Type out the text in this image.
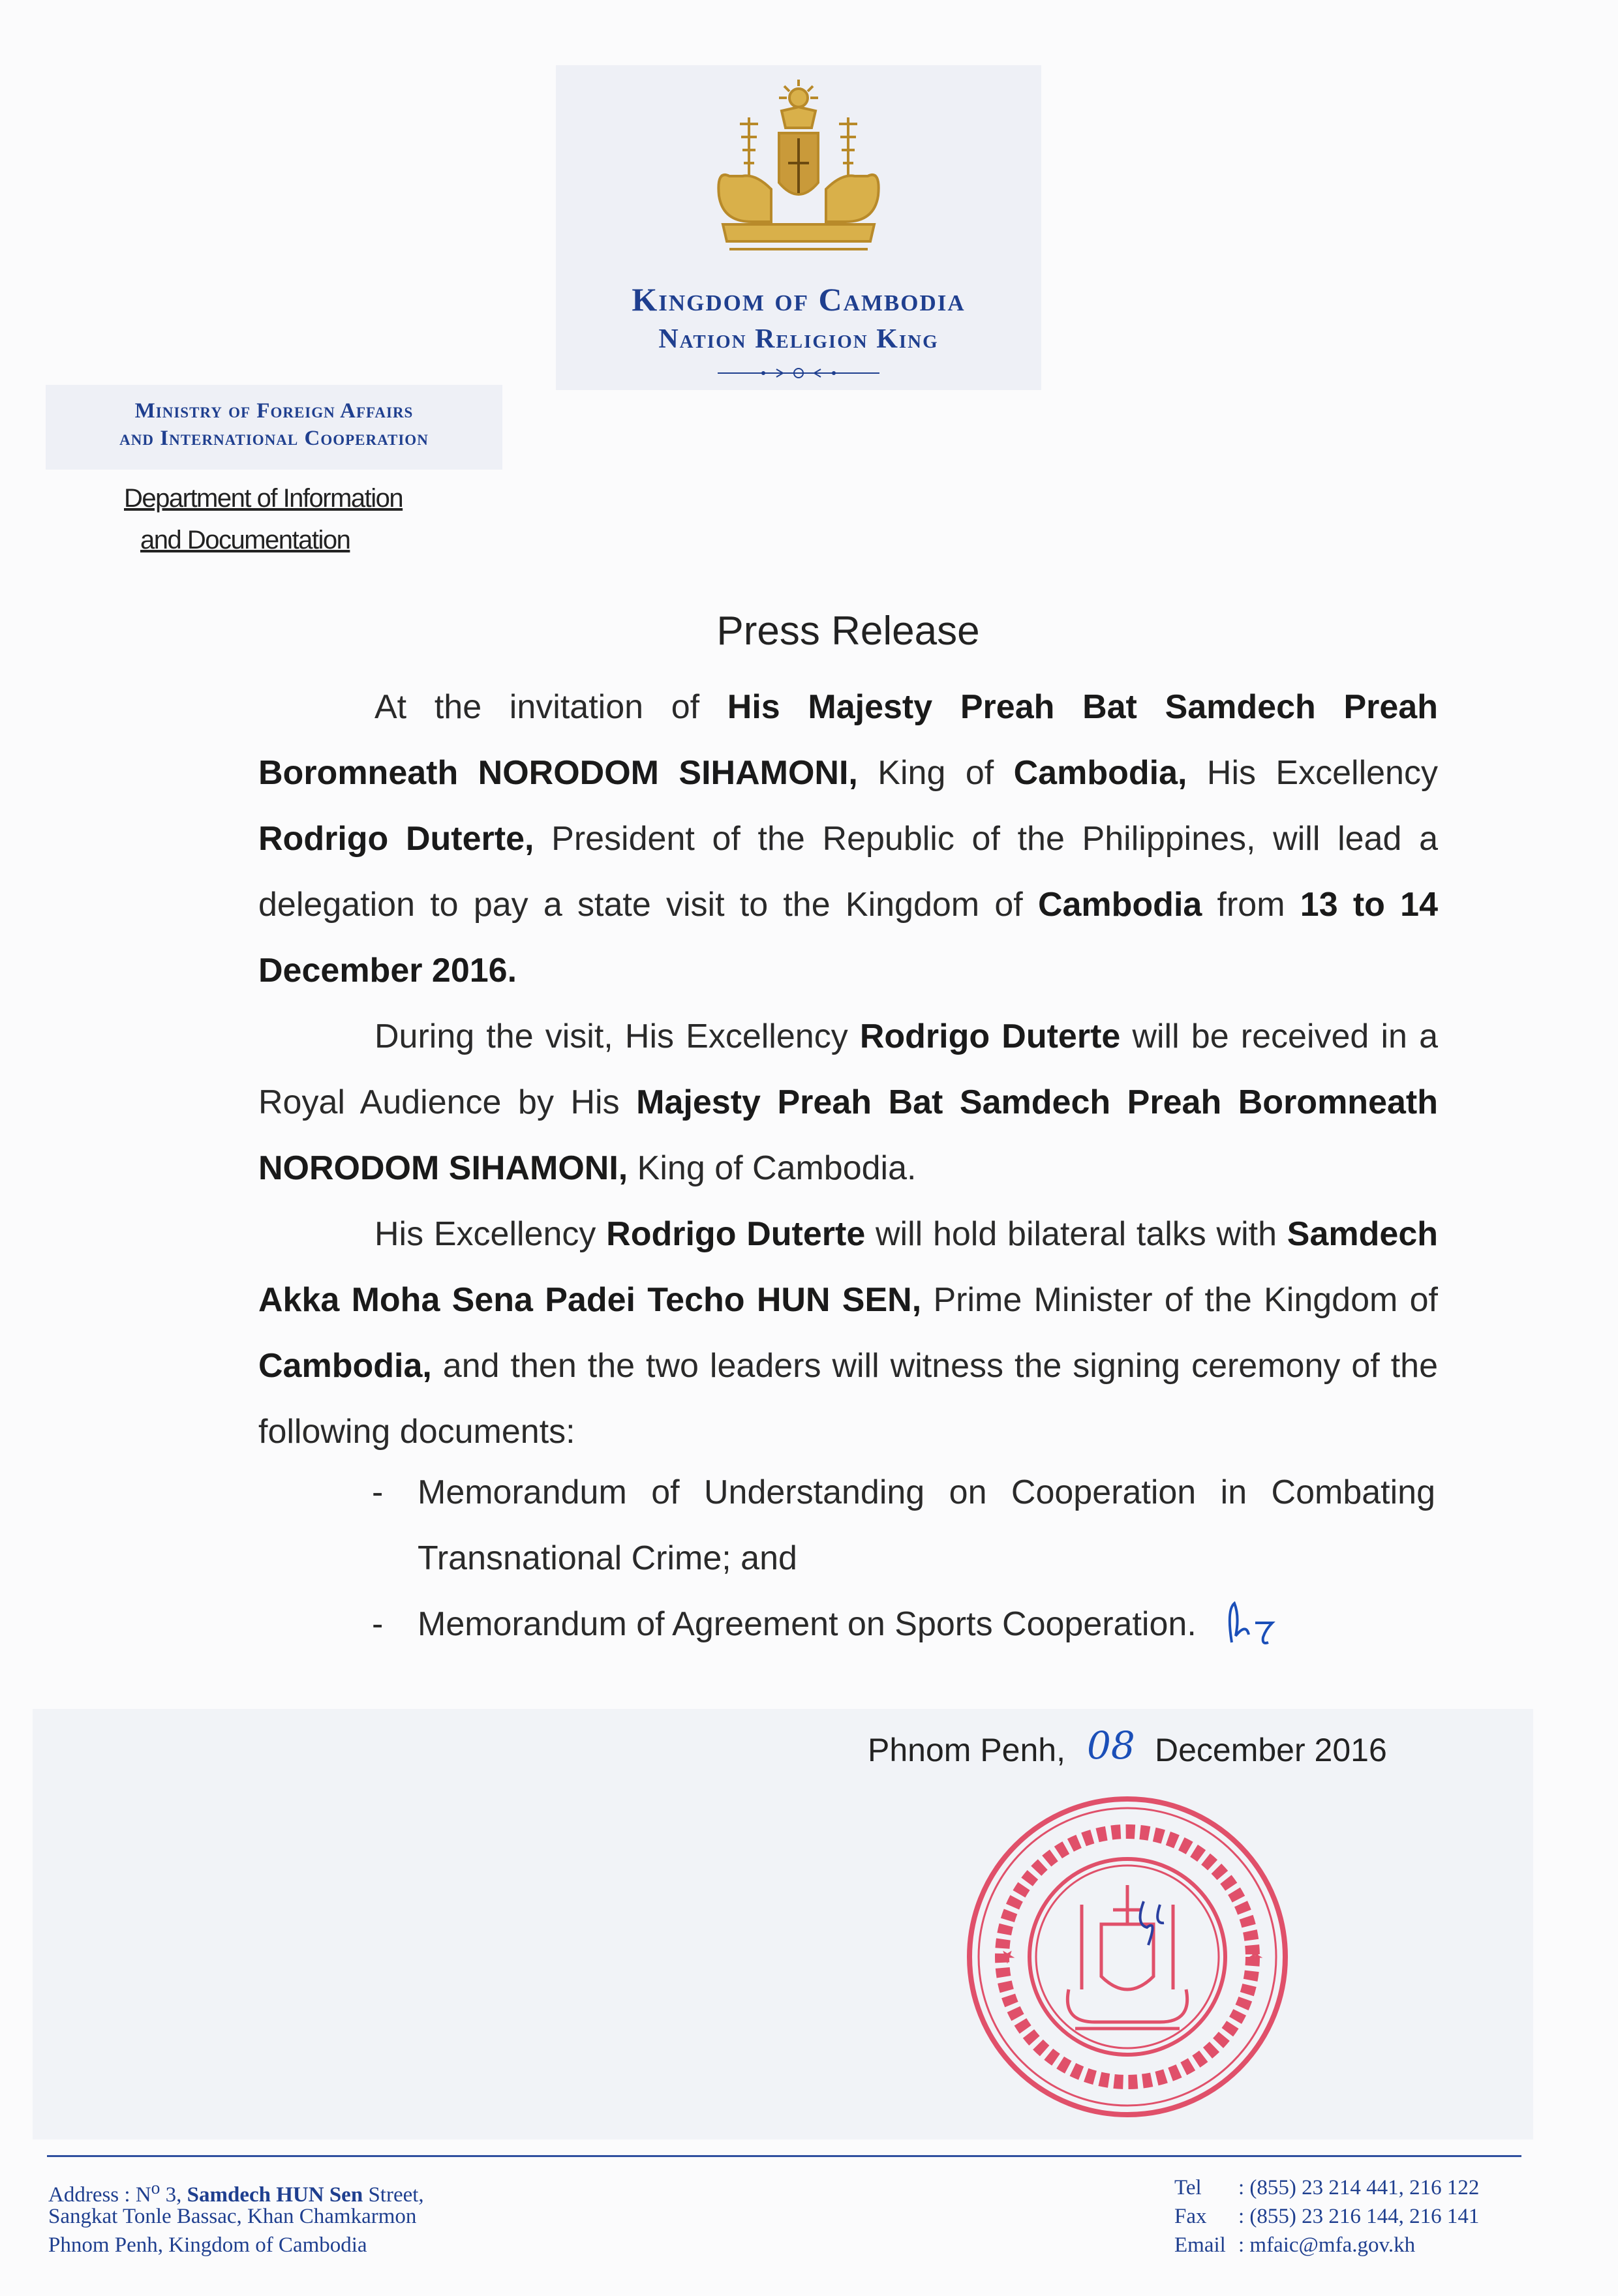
Kingdom of Cambodia
Nation Religion King
Ministry of Foreign Affairs
and International Cooperation
Department of Information
and Documentation
Press Release

At the invitation of His Majesty Preah Bat Samdech Preah Boromneath NORODOM SIHAMONI, King of Cambodia, His Excellency Rodrigo Duterte, President of the Republic of the Philippines, will lead a delegation to pay a state visit to the Kingdom of Cambodia from 13 to 14 December 2016.

During the visit, His Excellency Rodrigo Duterte will be received in a Royal Audience by His Majesty Preah Bat Samdech Preah Boromneath NORODOM SIHAMONI, King of Cambodia.

His Excellency Rodrigo Duterte will hold bilateral talks with Samdech Akka Moha Sena Padei Techo HUN SEN, Prime Minister of the Kingdom of Cambodia, and then the two leaders will witness the signing ceremony of the following documents:

- Memorandum of Understanding on Cooperation in Combating Transnational Crime; and

- Memorandum of Agreement on Sports Cooperation.

Phnom Penh, 08 December 2016
Address : $N^o$ 3, Samdech HUN Sen Street,
Sangkat Tonle Bassac, Khan Chamkarmon
Phnom Penh, Kingdom of Cambodia
Tel : (855) 23 214 441, 216 122
Fax : (855) 23 216 144, 216 141
Email : mfaic@mfa.gov.kh
